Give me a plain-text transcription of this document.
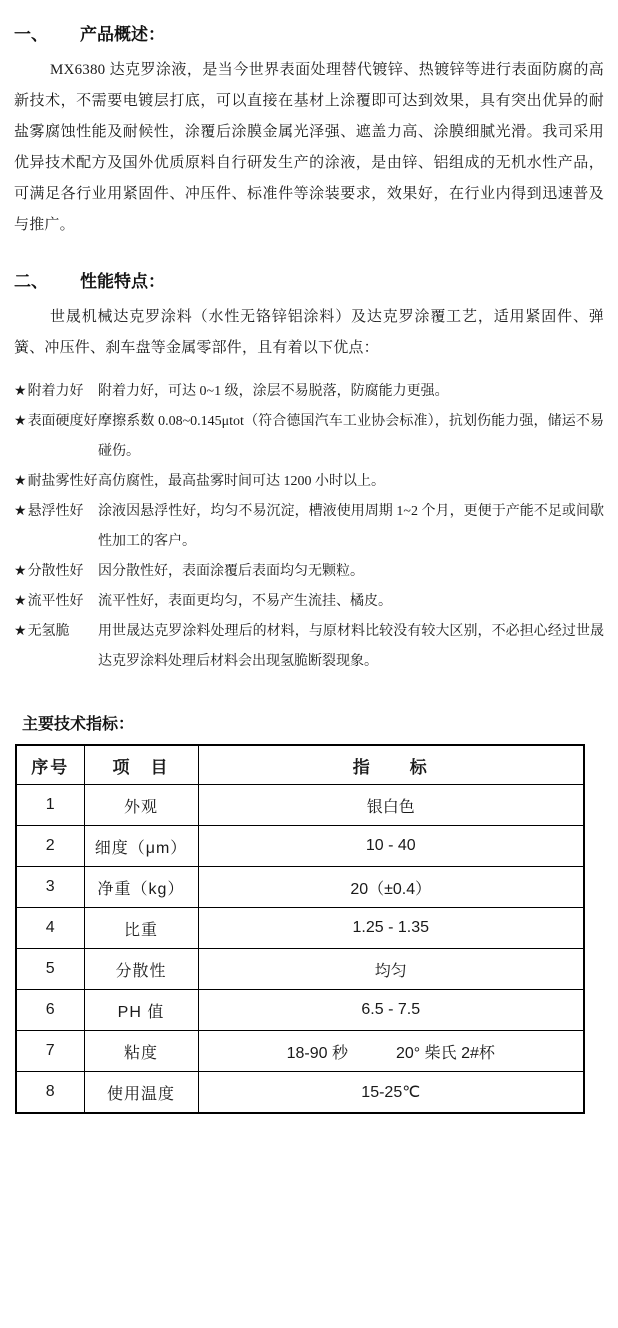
一、 产品概述：

MX6380 达克罗涂液，是当今世界表面处理替代镀锌、热镀锌等进行表面防腐的高新技术，不需要电镀层打底，可以直接在基材上涂覆即可达到效果，具有突出优异的耐盐雾腐蚀性能及耐候性，涂覆后涂膜金属光泽强、遮盖力高、涂膜细腻光滑。我司采用优异技术配方及国外优质原料自行研发生产的涂液，是由锌、铝组成的无机水性产品，可满足各行业用紧固件、冲压件、标准件等涂装要求，效果好，在行业内得到迅速普及与推广。

二、 性能特点：

世晟机械达克罗涂料（水性无铬锌铝涂料）及达克罗涂覆工艺，适用紧固件、弹簧、冲压件、刹车盘等金属零部件，且有着以下优点：

★附着力好	附着力好，可达 0~1 级，涂层不易脱落，防腐能力更强。
★表面硬度好 摩擦系数 0.08~0.145μtot（符合德国汽车工业协会标准），抗划伤能力强，储运不易碰伤。
★耐盐雾性好 高仿腐性，最高盐雾时间可达 1200 小时以上。
★悬浮性好	涂液因悬浮性好，均匀不易沉淀，槽液使用周期 1~2 个月，更便于产能不足或间歇性加工的客户。
★分散性好	因分散性好，表面涂覆后表面均匀无颗粒。
★流平性好	流平性好，表面更均匀，不易产生流挂、橘皮。
★无氢脆	用世晟达克罗涂料处理后的材料，与原材料比较没有较大区别，不必担心经过世晟达克罗涂料处理后材料会出现氢脆断裂现象。
主要技术指标：
序号	项　目	指　　标
1	外观	银白色
2	细度（μm）	10 - 40
3	净重（kg）	20（±0.4）
4	比重	1.25 - 1.35
5	分散性	均匀
6	PH 值	6.5 - 7.5
7	粘度	18-90 秒　　　20° 柴氏 2#杯
8	使用温度	15-25℃
